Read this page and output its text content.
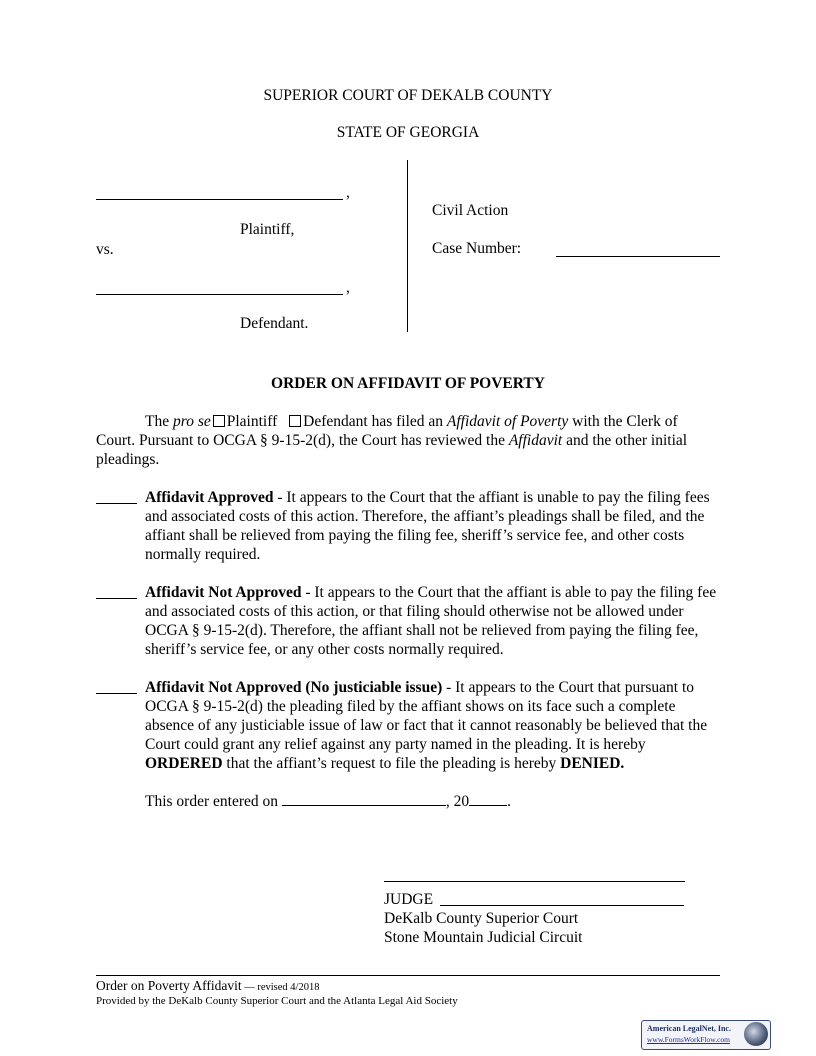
SUPERIOR COURT OF DEKALB COUNTY
STATE OF GEORGIA
,
Plaintiff,
vs.
,
Defendant.
Civil Action
Case Number:
ORDER ON AFFIDAVIT OF POVERTY
The pro se Plaintiff Defendant has filed an Affidavit of Poverty with the Clerk of Court. Pursuant to OCGA § 9-15-2(d), the Court has reviewed the Affidavit and the other initial pleadings.
Affidavit Approved - It appears to the Court that the affiant is unable to pay the filing fees and associated costs of this action. Therefore, the affiant’s pleadings shall be filed, and the affiant shall be relieved from paying the filing fee, sheriff’s service fee, and other costs normally required.
Affidavit Not Approved - It appears to the Court that the affiant is able to pay the filing fee and associated costs of this action, or that filing should otherwise not be allowed under OCGA § 9-15-2(d). Therefore, the affiant shall not be relieved from paying the filing fee, sheriff’s service fee, or any other costs normally required.
Affidavit Not Approved (No justiciable issue) - It appears to the Court that pursuant to OCGA § 9-15-2(d) the pleading filed by the affiant shows on its face such a complete absence of any justiciable issue of law or fact that it cannot reasonably be believed that the Court could grant any relief against any party named in the pleading. It is hereby ORDERED that the affiant’s request to file the pleading is hereby DENIED.
This order entered on	, 20 .
JUDGE
DeKalb County Superior Court
Stone Mountain Judicial Circuit
Order on Poverty Affidavit — revised 4/2018
Provided by the DeKalb County Superior Court and the Atlanta Legal Aid Society
American LegalNet, Inc.
www.FormsWorkFlow.com
